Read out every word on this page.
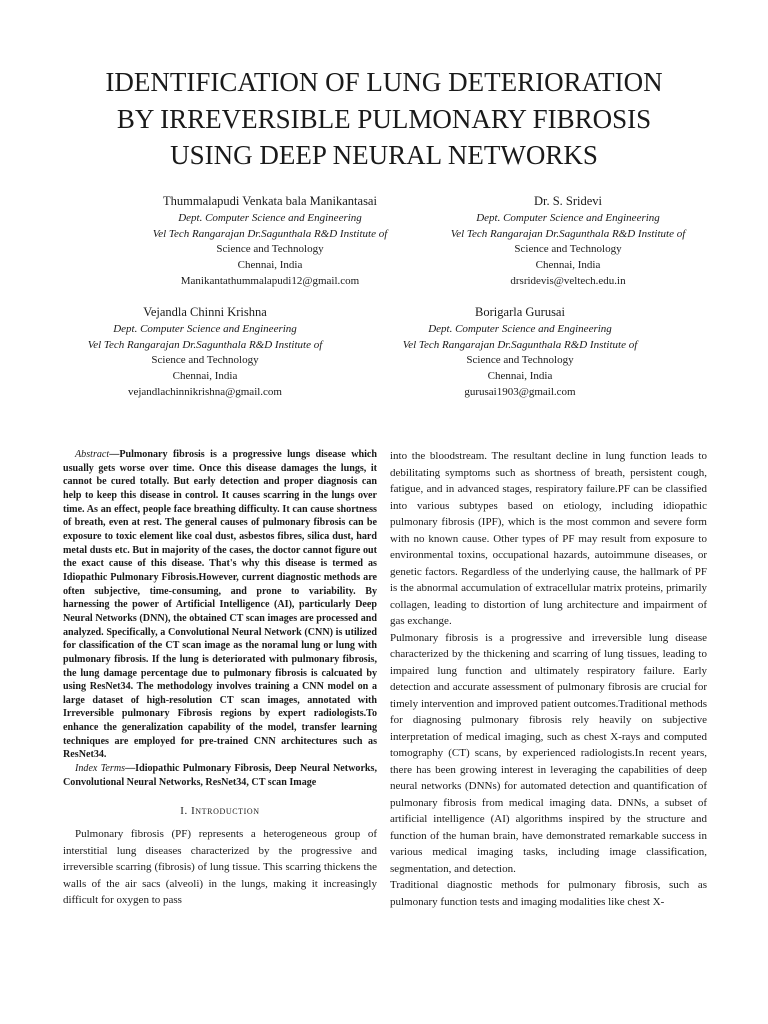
IDENTIFICATION OF LUNG DETERIORATION
BY IRREVERSIBLE PULMONARY FIBROSIS
USING DEEP NEURAL NETWORKS
Thummalapudi Venkata bala Manikantasai
Dept. Computer Science and Engineering
Vel Tech Rangarajan Dr.Sagunthala R&D Institute of
Science and Technology
Chennai, India
Manikantathummalapudi12@gmail.com
Dr. S. Sridevi
Dept. Computer Science and Engineering
Vel Tech Rangarajan Dr.Sagunthala R&D Institute of
Science and Technology
Chennai, India
drsridevis@veltech.edu.in
Vejandla Chinni Krishna
Dept. Computer Science and Engineering
Vel Tech Rangarajan Dr.Sagunthala R&D Institute of
Science and Technology
Chennai, India
vejandlachinnikrishna@gmail.com
Borigarla Gurusai
Dept. Computer Science and Engineering
Vel Tech Rangarajan Dr.Sagunthala R&D Institute of
Science and Technology
Chennai, India
gurusai1903@gmail.com

Abstract—Pulmonary fibrosis is a progressive lungs disease which usually gets worse over time. Once this disease damages the lungs, it cannot be cured totally. But early detection and proper diagnosis can help to keep this disease in control. It causes scarring in the lungs over time. As an effect, people face breathing difficulty. It can cause shortness of breath, even at rest. The general causes of pulmonary fibrosis can be exposure to toxic element like coal dust, asbestos fibres, silica dust, hard metal dusts etc. But in majority of the cases, the doctor cannot figure out the exact cause of this disease. That's why this disease is termed as Idiopathic Pulmonary Fibrosis.However, current diagnostic methods are often subjective, time-consuming, and prone to variability. By harnessing the power of Artificial Intelligence (AI), particularly Deep Neural Networks (DNN), the obtained CT scan images are processed and analyzed. Specifically, a Convolutional Neural Network (CNN) is utilized for classification of the CT scan image as the noramal lung or lung with pulmonary fibrosis. If the lung is deteriorated with pulmonary fibrosis, the lung damage percentage due to pulmonary fibrosis is calcuated by using ResNet34. The methodology involves training a CNN model on a large dataset of high-resolution CT scan images, annotated with Irreversible pulmonary Fibrosis regions by expert radiologists.To enhance the generalization capability of the model, transfer learning techniques are employed for pre-trained CNN architectures such as ResNet34.

Index Terms—Idiopathic Pulmonary Fibrosis, Deep Neural Networks, Convolutional Neural Networks, ResNet34, CT scan Image

I. Introduction

Pulmonary fibrosis (PF) represents a heterogeneous group of interstitial lung diseases characterized by the progressive and irreversible scarring (fibrosis) of lung tissue. This scarring thickens the walls of the air sacs (alveoli) in the lungs, making it increasingly difficult for oxygen to pass

into the bloodstream. The resultant decline in lung function leads to debilitating symptoms such as shortness of breath, persistent cough, fatigue, and in advanced stages, respiratory failure.PF can be classified into various subtypes based on etiology, including idiopathic pulmonary fibrosis (IPF), which is the most common and severe form with no known cause. Other types of PF may result from exposure to environmental toxins, occupational hazards, autoimmune diseases, or genetic factors. Regardless of the underlying cause, the hallmark of PF is the abnormal accumulation of extracellular matrix proteins, primarily collagen, leading to distortion of lung architecture and impairment of gas exchange.

Pulmonary fibrosis is a progressive and irreversible lung disease characterized by the thickening and scarring of lung tissues, leading to impaired lung function and ultimately respiratory failure. Early detection and accurate assessment of pulmonary fibrosis are crucial for timely intervention and improved patient outcomes.Traditional methods for diagnosing pulmonary fibrosis rely heavily on subjective interpretation of medical imaging, such as chest X-rays and computed tomography (CT) scans, by experienced radiologists.In recent years, there has been growing interest in leveraging the capabilities of deep neural networks (DNNs) for automated detection and quantification of pulmonary fibrosis from medical imaging data. DNNs, a subset of artificial intelligence (AI) algorithms inspired by the structure and function of the human brain, have demonstrated remarkable success in various medical imaging tasks, including image classification, segmentation, and detection.

Traditional diagnostic methods for pulmonary fibrosis, such as pulmonary function tests and imaging modalities like chest X-
